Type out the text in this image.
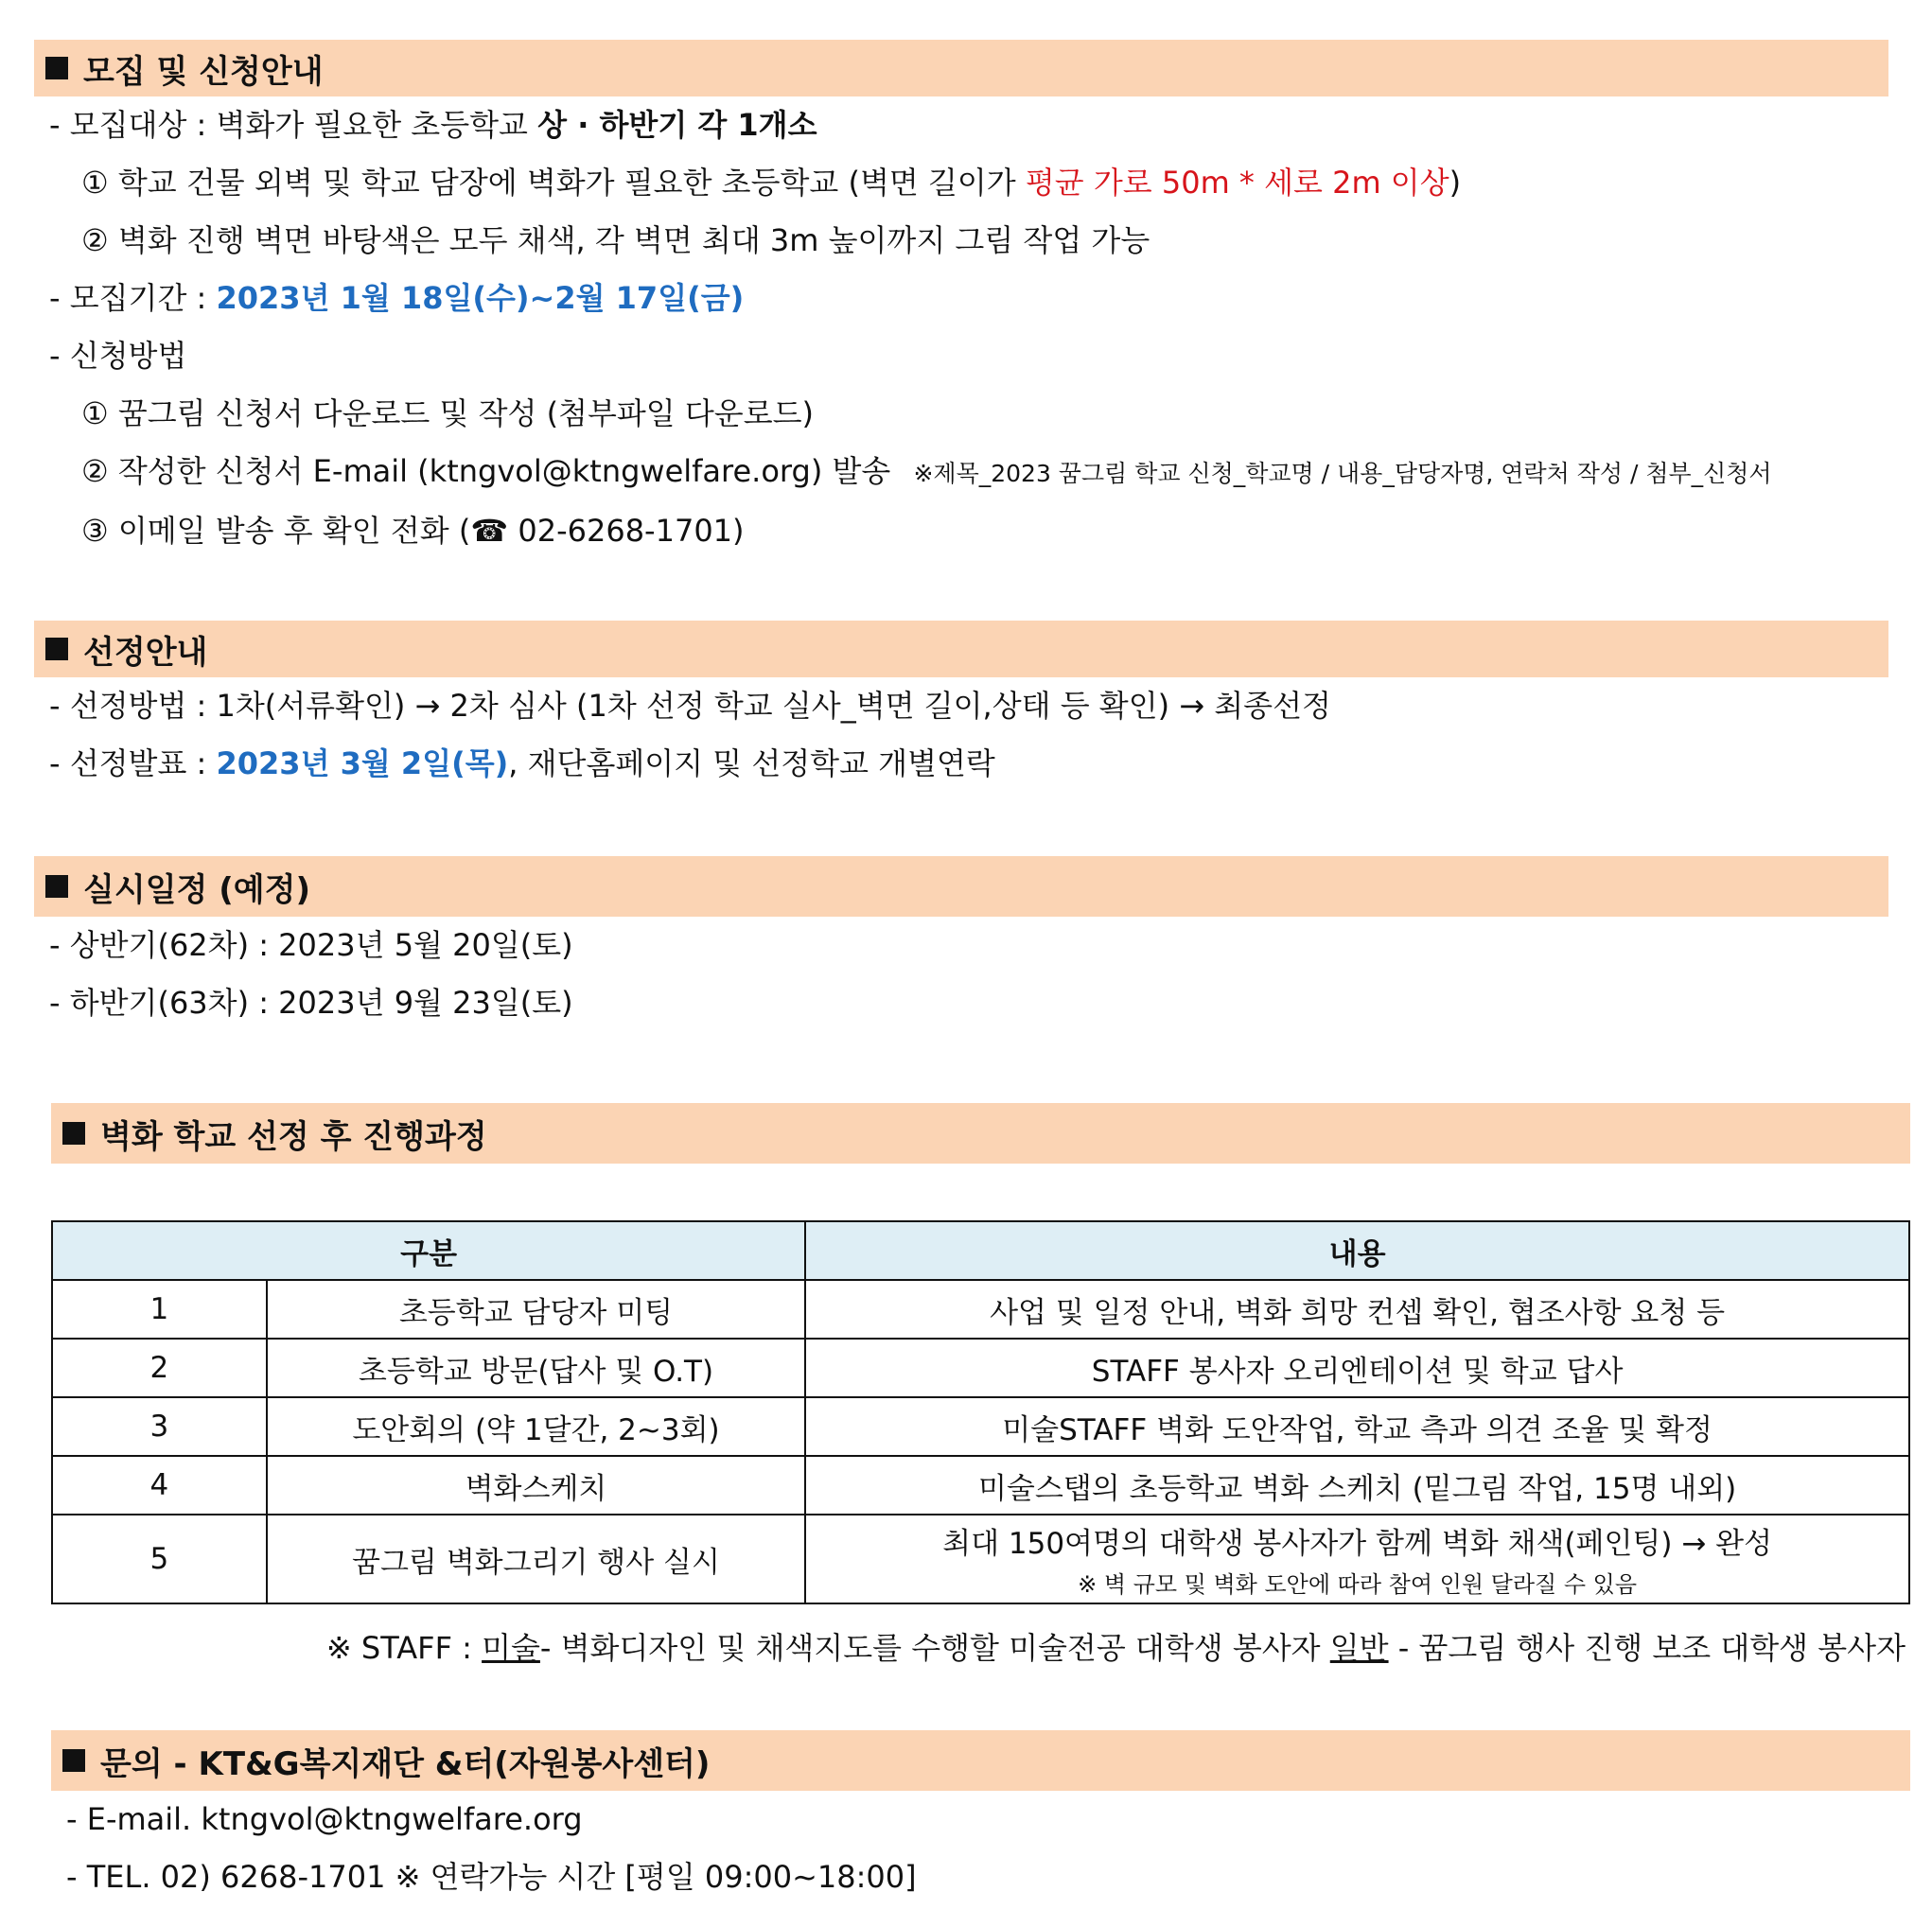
모집 및 신청안내
- 모집대상 : 벽화가 필요한 초등학교 상 · 하반기 각 1개소
① 학교 건물 외벽 및 학교 담장에 벽화가 필요한 초등학교 (벽면 길이가 평균 가로 50m * 세로 2m 이상)
② 벽화 진행 벽면 바탕색은 모두 채색, 각 벽면 최대 3m 높이까지 그림 작업 가능
- 모집기간 : 2023년 1월 18일(수)~2월 17일(금)
- 신청방법
① 꿈그림 신청서 다운로드 및 작성 (첨부파일 다운로드)
② 작성한 신청서 E-mail (ktngvol@ktngwelfare.org) 발송 ※제목_2023 꿈그림 학교 신청_학교명 / 내용_담당자명, 연락처 작성 / 첨부_신청서
③ 이메일 발송 후 확인 전화 (☎ 02-6268-1701)
선정안내
- 선정방법 : 1차(서류확인) → 2차 심사 (1차 선정 학교 실사_벽면 길이,상태 등 확인) → 최종선정
- 선정발표 : 2023년 3월 2일(목), 재단홈페이지 및 선정학교 개별연락
실시일정 (예정)
- 상반기(62차) : 2023년 5월 20일(토)
- 하반기(63차) : 2023년 9월 23일(토)
벽화 학교 선정 후 진행과정
구분		내용
1	초등학교 담당자 미팅	사업 및 일정 안내, 벽화 희망 컨셉 확인, 협조사항 요청 등
2	초등학교 방문(답사 및 O.T)	STAFF 봉사자 오리엔테이션 및 학교 답사
3	도안회의 (약 1달간, 2~3회)	미술STAFF 벽화 도안작업, 학교 측과 의견 조율 및 확정
4	벽화스케치	미술스탭의 초등학교 벽화 스케치 (밑그림 작업, 15명 내외)
5	꿈그림 벽화그리기 행사 실시	최대 150여명의 대학생 봉사자가 함께 벽화 채색(페인팅) → 완성
※ 벽 규모 및 벽화 도안에 따라 참여 인원 달라질 수 있음
※ STAFF : 미술- 벽화디자인 및 채색지도를 수행할 미술전공 대학생 봉사자 일반 - 꿈그림 행사 진행 보조 대학생 봉사자
문의 - KT&G복지재단 &터(자원봉사센터)
- E-mail. ktngvol@ktngwelfare.org
- TEL. 02) 6268-1701 ※ 연락가능 시간 [평일 09:00~18:00]
